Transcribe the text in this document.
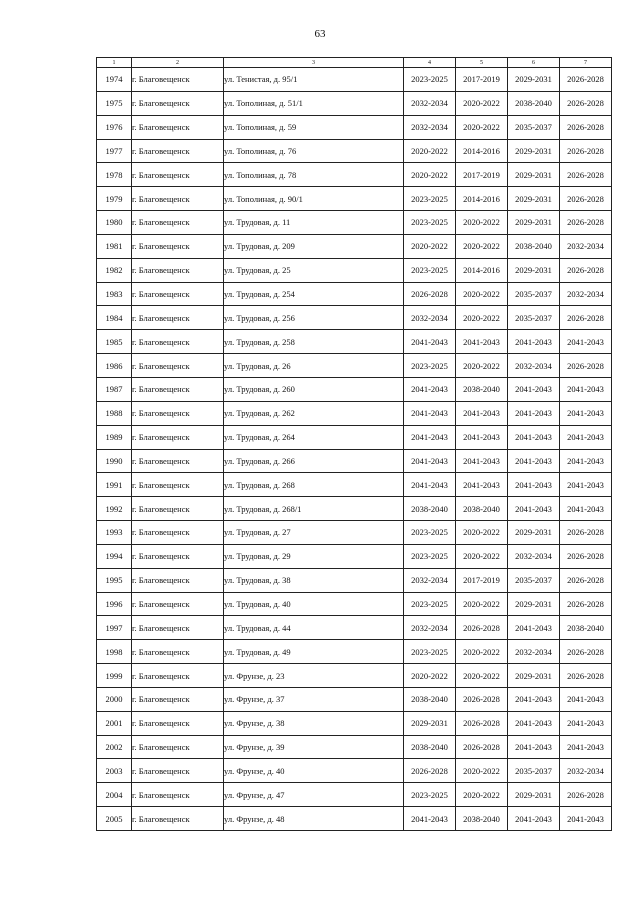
63
1	2	3	4	5	6	7
1974	г. Благовещенск	ул. Тенистая, д. 95/1	2023-2025	2017-2019	2029-2031	2026-2028
1975	г. Благовещенск	ул. Тополиная, д. 51/1	2032-2034	2020-2022	2038-2040	2026-2028
1976	г. Благовещенск	ул. Тополиная, д. 59	2032-2034	2020-2022	2035-2037	2026-2028
1977	г. Благовещенск	ул. Тополиная, д. 76	2020-2022	2014-2016	2029-2031	2026-2028
1978	г. Благовещенск	ул. Тополиная, д. 78	2020-2022	2017-2019	2029-2031	2026-2028
1979	г. Благовещенск	ул. Тополиная, д. 90/1	2023-2025	2014-2016	2029-2031	2026-2028
1980	г. Благовещенск	ул. Трудовая, д. 11	2023-2025	2020-2022	2029-2031	2026-2028
1981	г. Благовещенск	ул. Трудовая, д. 209	2020-2022	2020-2022	2038-2040	2032-2034
1982	г. Благовещенск	ул. Трудовая, д. 25	2023-2025	2014-2016	2029-2031	2026-2028
1983	г. Благовещенск	ул. Трудовая, д. 254	2026-2028	2020-2022	2035-2037	2032-2034
1984	г. Благовещенск	ул. Трудовая, д. 256	2032-2034	2020-2022	2035-2037	2026-2028
1985	г. Благовещенск	ул. Трудовая, д. 258	2041-2043	2041-2043	2041-2043	2041-2043
1986	г. Благовещенск	ул. Трудовая, д. 26	2023-2025	2020-2022	2032-2034	2026-2028
1987	г. Благовещенск	ул. Трудовая, д. 260	2041-2043	2038-2040	2041-2043	2041-2043
1988	г. Благовещенск	ул. Трудовая, д. 262	2041-2043	2041-2043	2041-2043	2041-2043
1989	г. Благовещенск	ул. Трудовая, д. 264	2041-2043	2041-2043	2041-2043	2041-2043
1990	г. Благовещенск	ул. Трудовая, д. 266	2041-2043	2041-2043	2041-2043	2041-2043
1991	г. Благовещенск	ул. Трудовая, д. 268	2041-2043	2041-2043	2041-2043	2041-2043
1992	г. Благовещенск	ул. Трудовая, д. 268/1	2038-2040	2038-2040	2041-2043	2041-2043
1993	г. Благовещенск	ул. Трудовая, д. 27	2023-2025	2020-2022	2029-2031	2026-2028
1994	г. Благовещенск	ул. Трудовая, д. 29	2023-2025	2020-2022	2032-2034	2026-2028
1995	г. Благовещенск	ул. Трудовая, д. 38	2032-2034	2017-2019	2035-2037	2026-2028
1996	г. Благовещенск	ул. Трудовая, д. 40	2023-2025	2020-2022	2029-2031	2026-2028
1997	г. Благовещенск	ул. Трудовая, д. 44	2032-2034	2026-2028	2041-2043	2038-2040
1998	г. Благовещенск	ул. Трудовая, д. 49	2023-2025	2020-2022	2032-2034	2026-2028
1999	г. Благовещенск	ул. Фрунзе, д. 23	2020-2022	2020-2022	2029-2031	2026-2028
2000	г. Благовещенск	ул. Фрунзе, д. 37	2038-2040	2026-2028	2041-2043	2041-2043
2001	г. Благовещенск	ул. Фрунзе, д. 38	2029-2031	2026-2028	2041-2043	2041-2043
2002	г. Благовещенск	ул. Фрунзе, д. 39	2038-2040	2026-2028	2041-2043	2041-2043
2003	г. Благовещенск	ул. Фрунзе, д. 40	2026-2028	2020-2022	2035-2037	2032-2034
2004	г. Благовещенск	ул. Фрунзе, д. 47	2023-2025	2020-2022	2029-2031	2026-2028
2005	г. Благовещенск	ул. Фрунзе, д. 48	2041-2043	2038-2040	2041-2043	2041-2043
